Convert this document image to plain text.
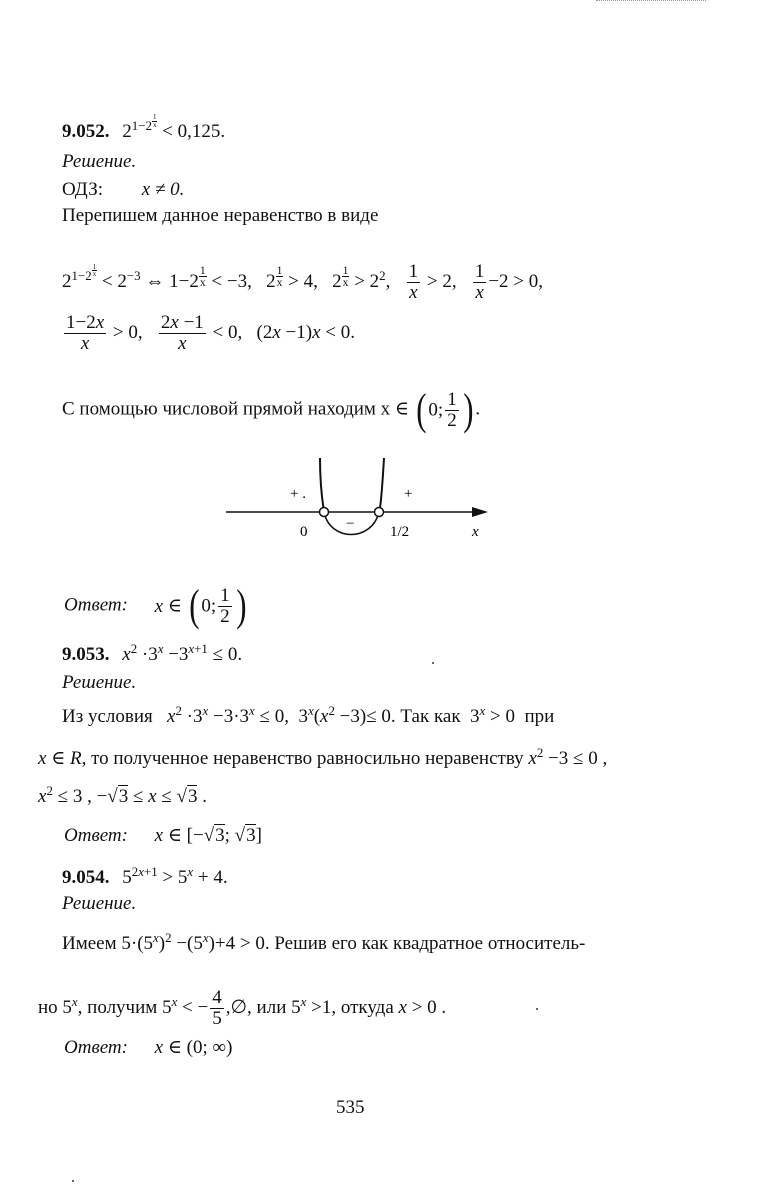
9.052. $2^{1-2 ^{\frac{1}{x}}} < 0,125$.
Решение.
ОДЗ: x ≠ 0.
Перепишем данное неравенство в виде
$2^{1-2 ^{\frac{1}{x}}} < 2^{-3}$ ⇔ 1−2 $^{\frac{1}{x}}$ < −3,   2 $^{\frac{1}{x}}$ > 4,   2 $^{\frac{1}{x}} > 2^2$, $\frac{1}{x} > 2$, $\frac{1}{x} -2 > 0$,
$\frac{1-2x}{x} > 0$, $\frac{2x -1}{x} < 0$,   (2x −1)x < 0.
С помощью числовой прямой находим x ∈ ( 0; $\frac{1}{2}$ ) .
+ .
−
+
0	1/2	x
Ответ: x ∈ ( 0; $\frac{1}{2}$ )
9.053. $x^2 \cdot 3^x -3^{x+1} \le 0$.
Решение.
Из условия $x^2 \cdot 3^x -3\cdot 3^x \le 0$,  $3^x(x^2 -3)\le 0$. Так как  $3^x > 0$  при
x ∈ R, то полученное неравенство равносильно неравенству $x^2 -3 \le 0$ ,
$x^2 \le 3$ , −√3 ≤ x ≤ √3 .
Ответ: x ∈ [−√3; √3]
9.054. $5^{2x+1} > 5^x + 4$.
Решение.
Имеем $5\cdot(5^x)^2 -(5^x)+4 > 0$. Решив его как квадратное относитель-
но 5$^x$, получим $5^x$ < − $\frac{4}{5}$ ,∅, или $5^x >1$, откуда x > 0 .
Ответ: x ∈ (0; ∞)
535
